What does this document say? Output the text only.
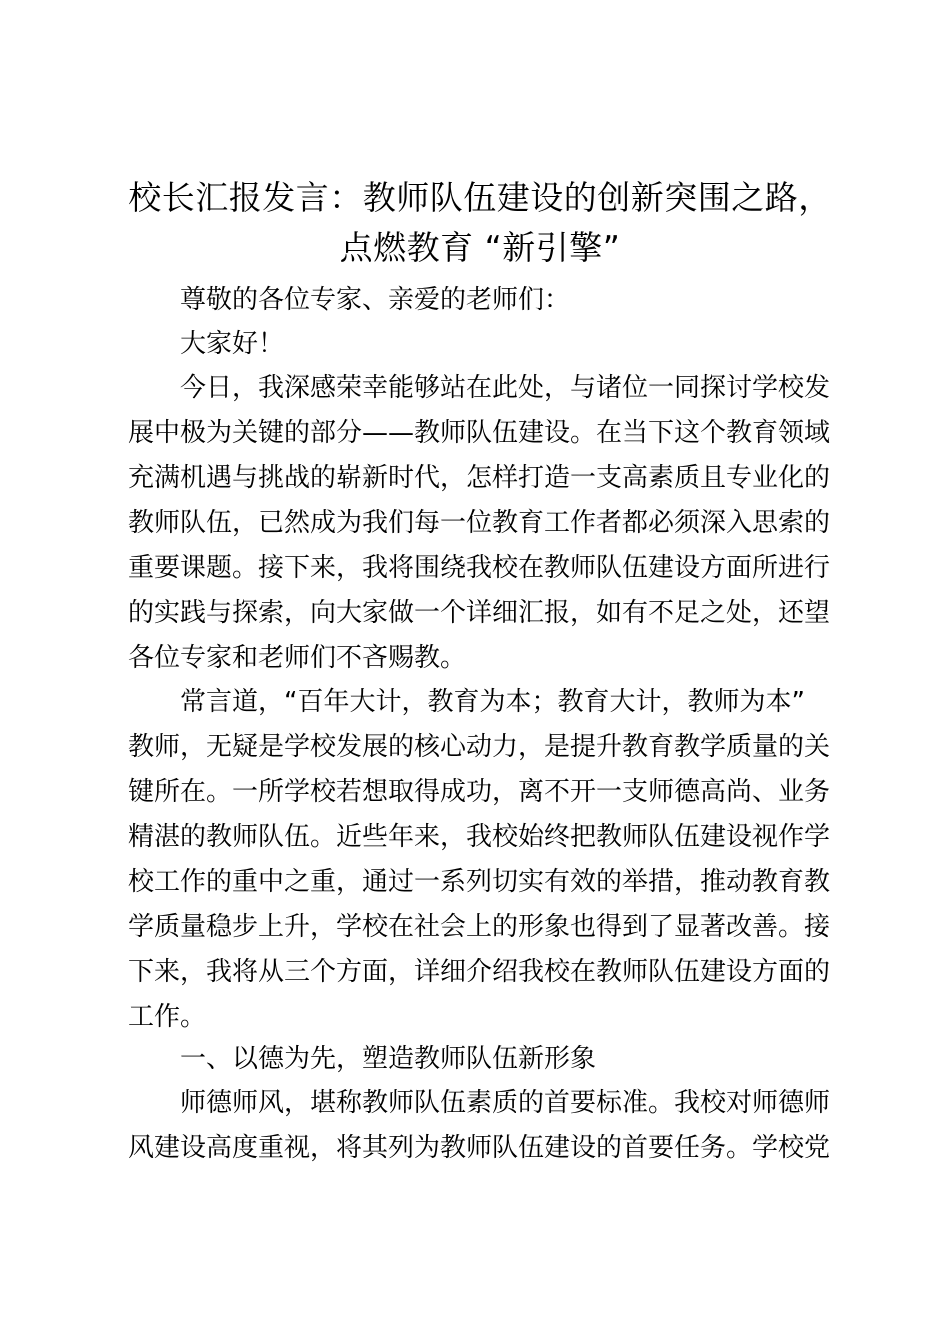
校长汇报发言：教师队伍建设的创新突围之路，
点燃教育 “新引擎”

尊敬的各位专家、亲爱的老师们：

大家好！

今日，我深感荣幸能够站在此处，与诸位一同探讨学校发
展中极为关键的部分——教师队伍建设。在当下这个教育领域
充满机遇与挑战的崭新时代，怎样打造一支高素质且专业化的
教师队伍，已然成为我们每一位教育工作者都必须深入思索的
重要课题。接下来，我将围绕我校在教师队伍建设方面所进行
的实践与探索，向大家做一个详细汇报，如有不足之处，还望
各位专家和老师们不吝赐教。
常言道，“百年大计，教育为本；教育大计，教师为本”
教师，无疑是学校发展的核心动力，是提升教育教学质量的关
键所在。一所学校若想取得成功，离不开一支师德高尚、业务
精湛的教师队伍。近些年来，我校始终把教师队伍建设视作学
校工作的重中之重，通过一系列切实有效的举措，推动教育教
学质量稳步上升，学校在社会上的形象也得到了显著改善。接
下来，我将从三个方面，详细介绍我校在教师队伍建设方面的
工作。

一、以德为先，塑造教师队伍新形象

师德师风，堪称教师队伍素质的首要标准。我校对师德师
风建设高度重视，将其列为教师队伍建设的首要任务。学校党
